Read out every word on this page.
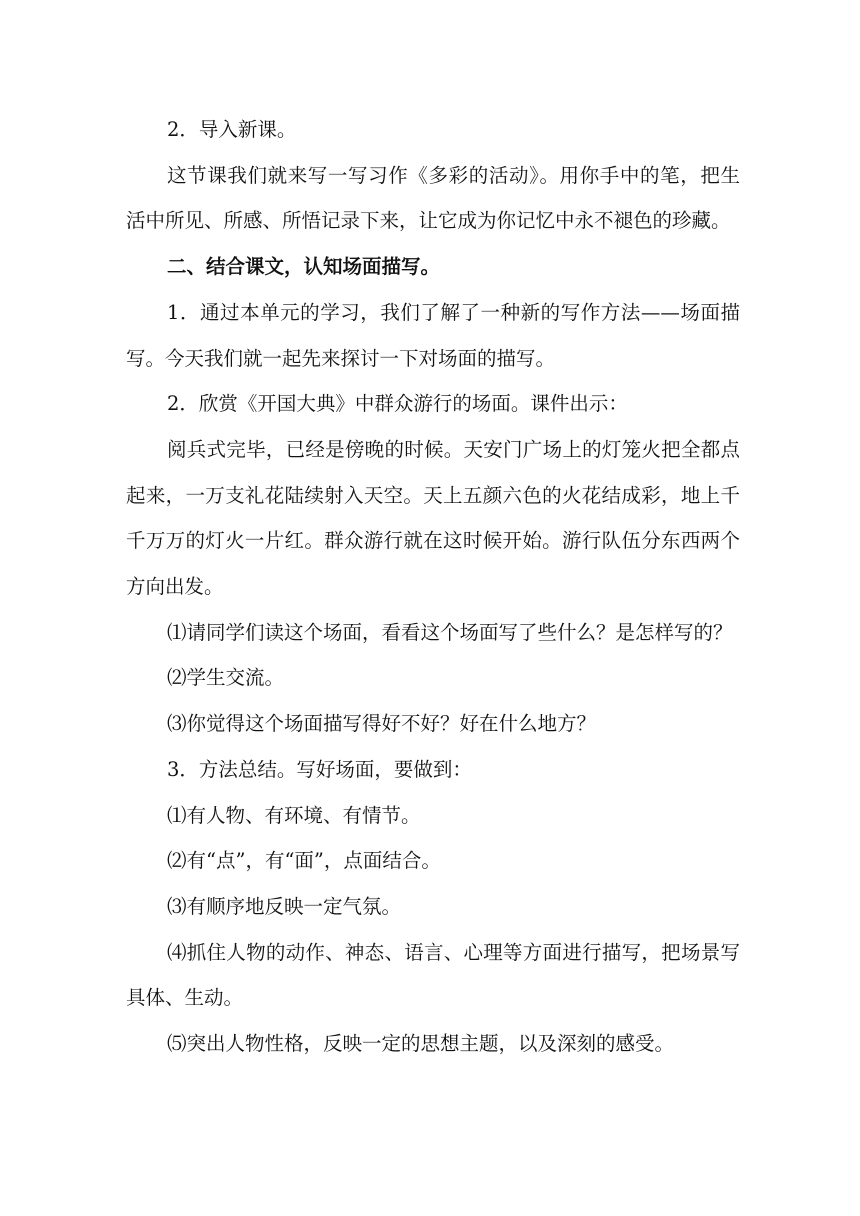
2．导入新课。

这节课我们就来写一写习作《多彩的活动》。用你手中的笔，把生活中所见、所感、所悟记录下来，让它成为你记忆中永不褪色的珍藏。

二、结合课文，认知场面描写。

1．通过本单元的学习，我们了解了一种新的写作方法——场面描写。今天我们就一起先来探讨一下对场面的描写。

2．欣赏《开国大典》中群众游行的场面。课件出示：

阅兵式完毕，已经是傍晚的时候。天安门广场上的灯笼火把全都点起来，一万支礼花陆续射入天空。天上五颜六色的火花结成彩，地上千千万万的灯火一片红。群众游行就在这时候开始。游行队伍分东西两个方向出发。

⑴请同学们读这个场面，看看这个场面写了些什么？是怎样写的？

⑵学生交流。

⑶你觉得这个场面描写得好不好？好在什么地方？

3．方法总结。写好场面，要做到：

⑴有人物、有环境、有情节。

⑵有“点”，有“面”，点面结合。

⑶有顺序地反映一定气氛。

⑷抓住人物的动作、神态、语言、心理等方面进行描写，把场景写具体、生动。

⑸突出人物性格，反映一定的思想主题，以及深刻的感受。
